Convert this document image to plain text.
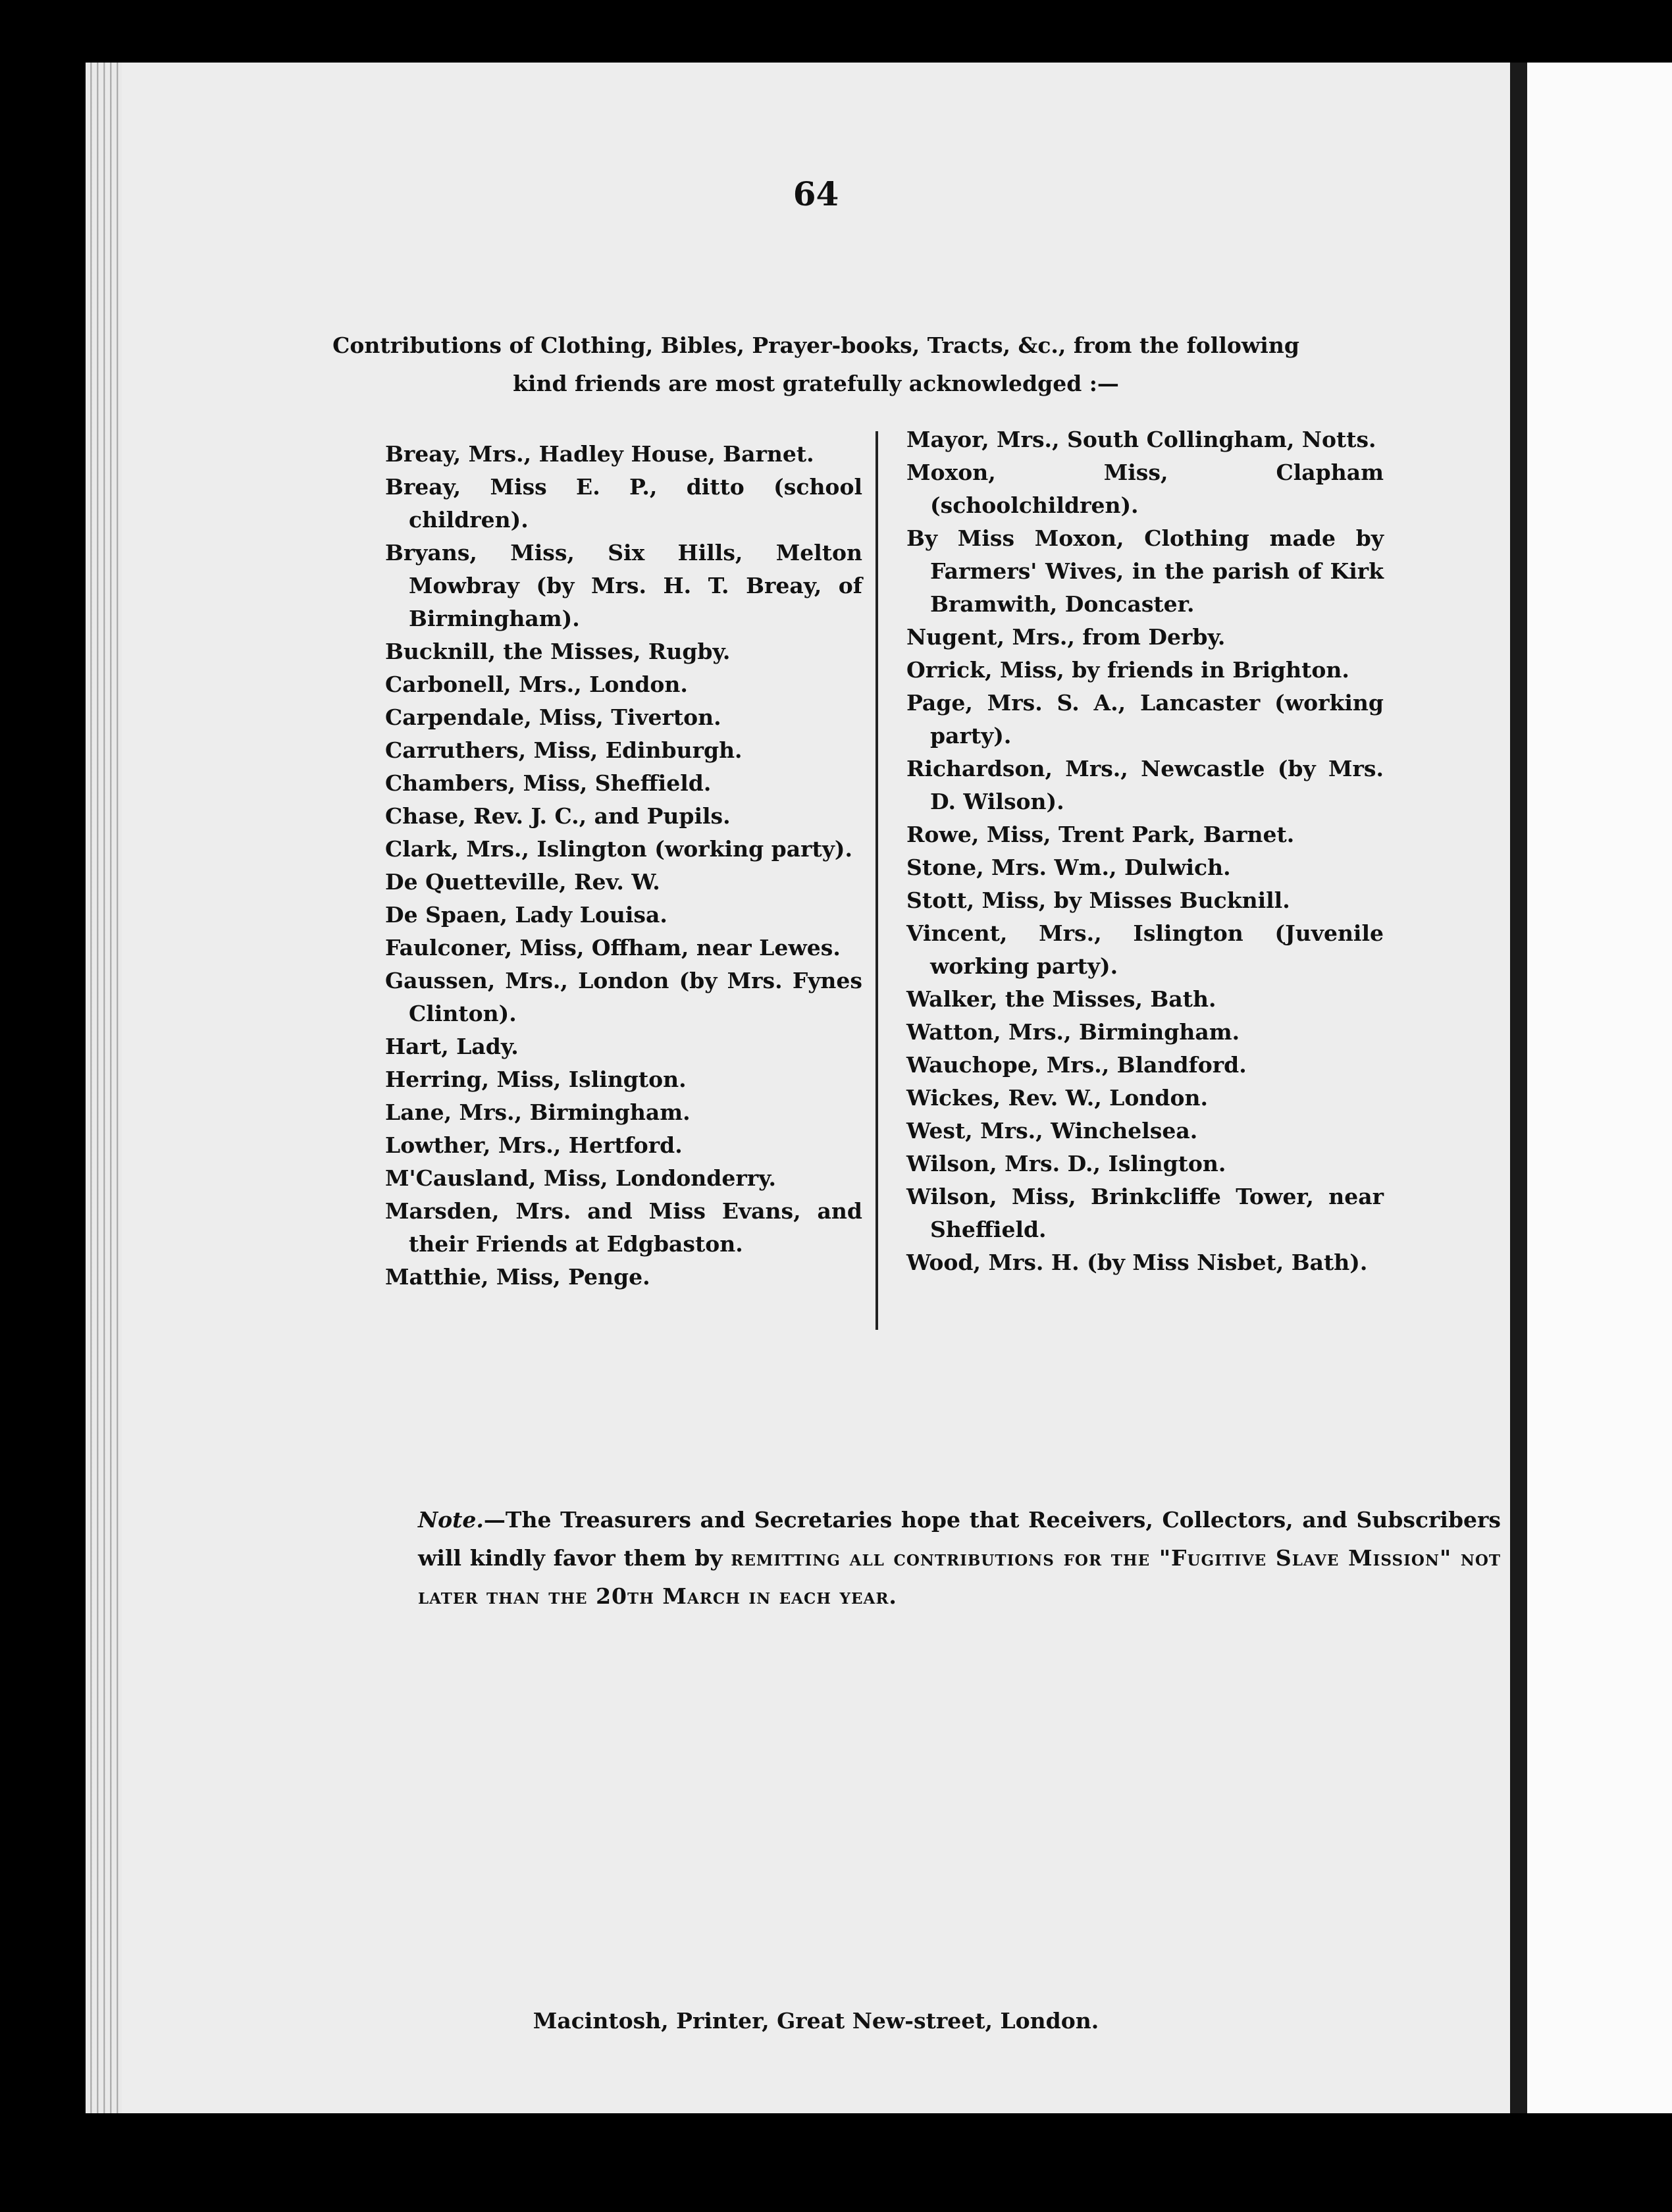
64
Contributions of Clothing, Bibles, Prayer-books, Tracts, &c., from the following
kind friends are most gratefully acknowledged :—
Breay, Mrs., Hadley House, Barnet.
Breay, Miss E. P., ditto (school children).
Bryans, Miss, Six Hills, Melton Mowbray (by Mrs. H. T. Breay, of Birmingham).
Bucknill, the Misses, Rugby.
Carbonell, Mrs., London.
Carpendale, Miss, Tiverton.
Carruthers, Miss, Edinburgh.
Chambers, Miss, Sheffield.
Chase, Rev. J. C., and Pupils.
Clark, Mrs., Islington (working party).
De Quetteville, Rev. W.
De Spaen, Lady Louisa.
Faulconer, Miss, Offham, near Lewes.
Gaussen, Mrs., London (by Mrs. Fynes Clinton).
Hart, Lady.
Herring, Miss, Islington.
Lane, Mrs., Birmingham.
Lowther, Mrs., Hertford.
M'Causland, Miss, Londonderry.
Marsden, Mrs. and Miss Evans, and their Friends at Edgbaston.
Matthie, Miss, Penge.
Mayor, Mrs., South Collingham, Notts.
Moxon, Miss, Clapham (schoolchildren).
By Miss Moxon, Clothing made by Farmers' Wives, in the parish of Kirk Bramwith, Doncaster.
Nugent, Mrs., from Derby.
Orrick, Miss, by friends in Brighton.
Page, Mrs. S. A., Lancaster (working party).
Richardson, Mrs., Newcastle (by Mrs. D. Wilson).
Rowe, Miss, Trent Park, Barnet.
Stone, Mrs. Wm., Dulwich.
Stott, Miss, by Misses Bucknill.
Vincent, Mrs., Islington (Juvenile working party).
Walker, the Misses, Bath.
Watton, Mrs., Birmingham.
Wauchope, Mrs., Blandford.
Wickes, Rev. W., London.
West, Mrs., Winchelsea.
Wilson, Mrs. D., Islington.
Wilson, Miss, Brinkcliffe Tower, near Sheffield.
Wood, Mrs. H. (by Miss Nisbet, Bath).
Note.—The Treasurers and Secretaries hope that Receivers, Collectors, and Subscribers will kindly favor them by remitting all contributions for the "Fugitive Slave Mission" not later than the 20th March in each year.
Macintosh, Printer, Great New-street, London.
